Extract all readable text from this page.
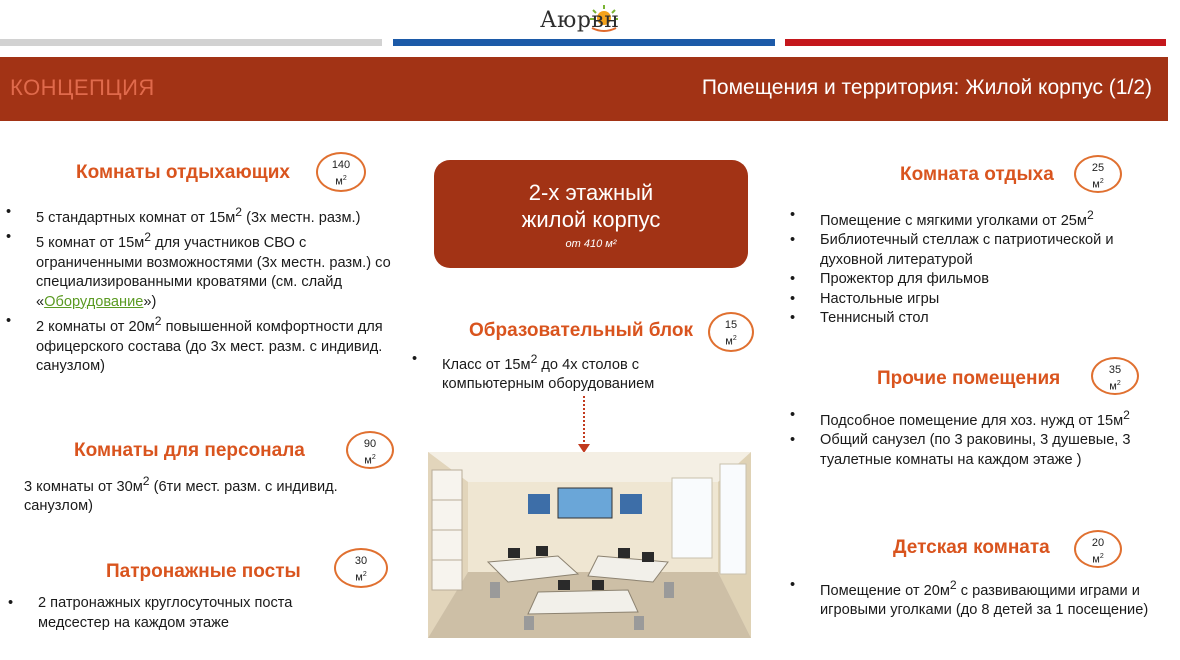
Аюрвн
КОНЦЕПЦИЯ	Помещения и территория: Жилой корпус (1/2)
Комнаты отдыхающих	140
$м^2$
• 5 стандартных комнат от $15м^2$ (3х местн. разм.)
• 5 комнат от $15м^2$ для участников СВО с ограниченными возможностями (3х местн. разм.) со специализированными кроватями (см. слайд «Оборудование»)
• 2 комнаты от $20м^2$ повышенной комфортности для офицерского состава (до 3х мест. разм. с индивид. санузлом)
Комнаты для персонала	90
$м^2$
3 комнаты от $30м^2$ (6ти мест. разм. с индивид. санузлом)
Патронажные посты	30
$м^2$
• 2 патронажных круглосуточных поста медсестер на каждом этаже
2-х этажный
жилой корпус
от 410 м²
Образовательный блок	15
$м^2$
• Класс от $15м^2$ до 4х столов с компьютерным оборудованием
Комната отдыха	25
$м^2$
• Помещение с мягкими уголками от $25м^2$
• Библиотечный стеллаж с патриотической и духовной литературой
• Прожектор для фильмов
• Настольные игры
• Теннисный стол
Прочие помещения	35
$м^2$
• Подсобное помещение для хоз. нужд от $15м^2$
• Общий санузел (по 3 раковины, 3 душевые, 3 туалетные комнаты на каждом этаже )
Детская комната	20
$м^2$
• Помещение от $20м^2$ с развивающими играми и игровыми уголками (до 8 детей за 1 посещение)
